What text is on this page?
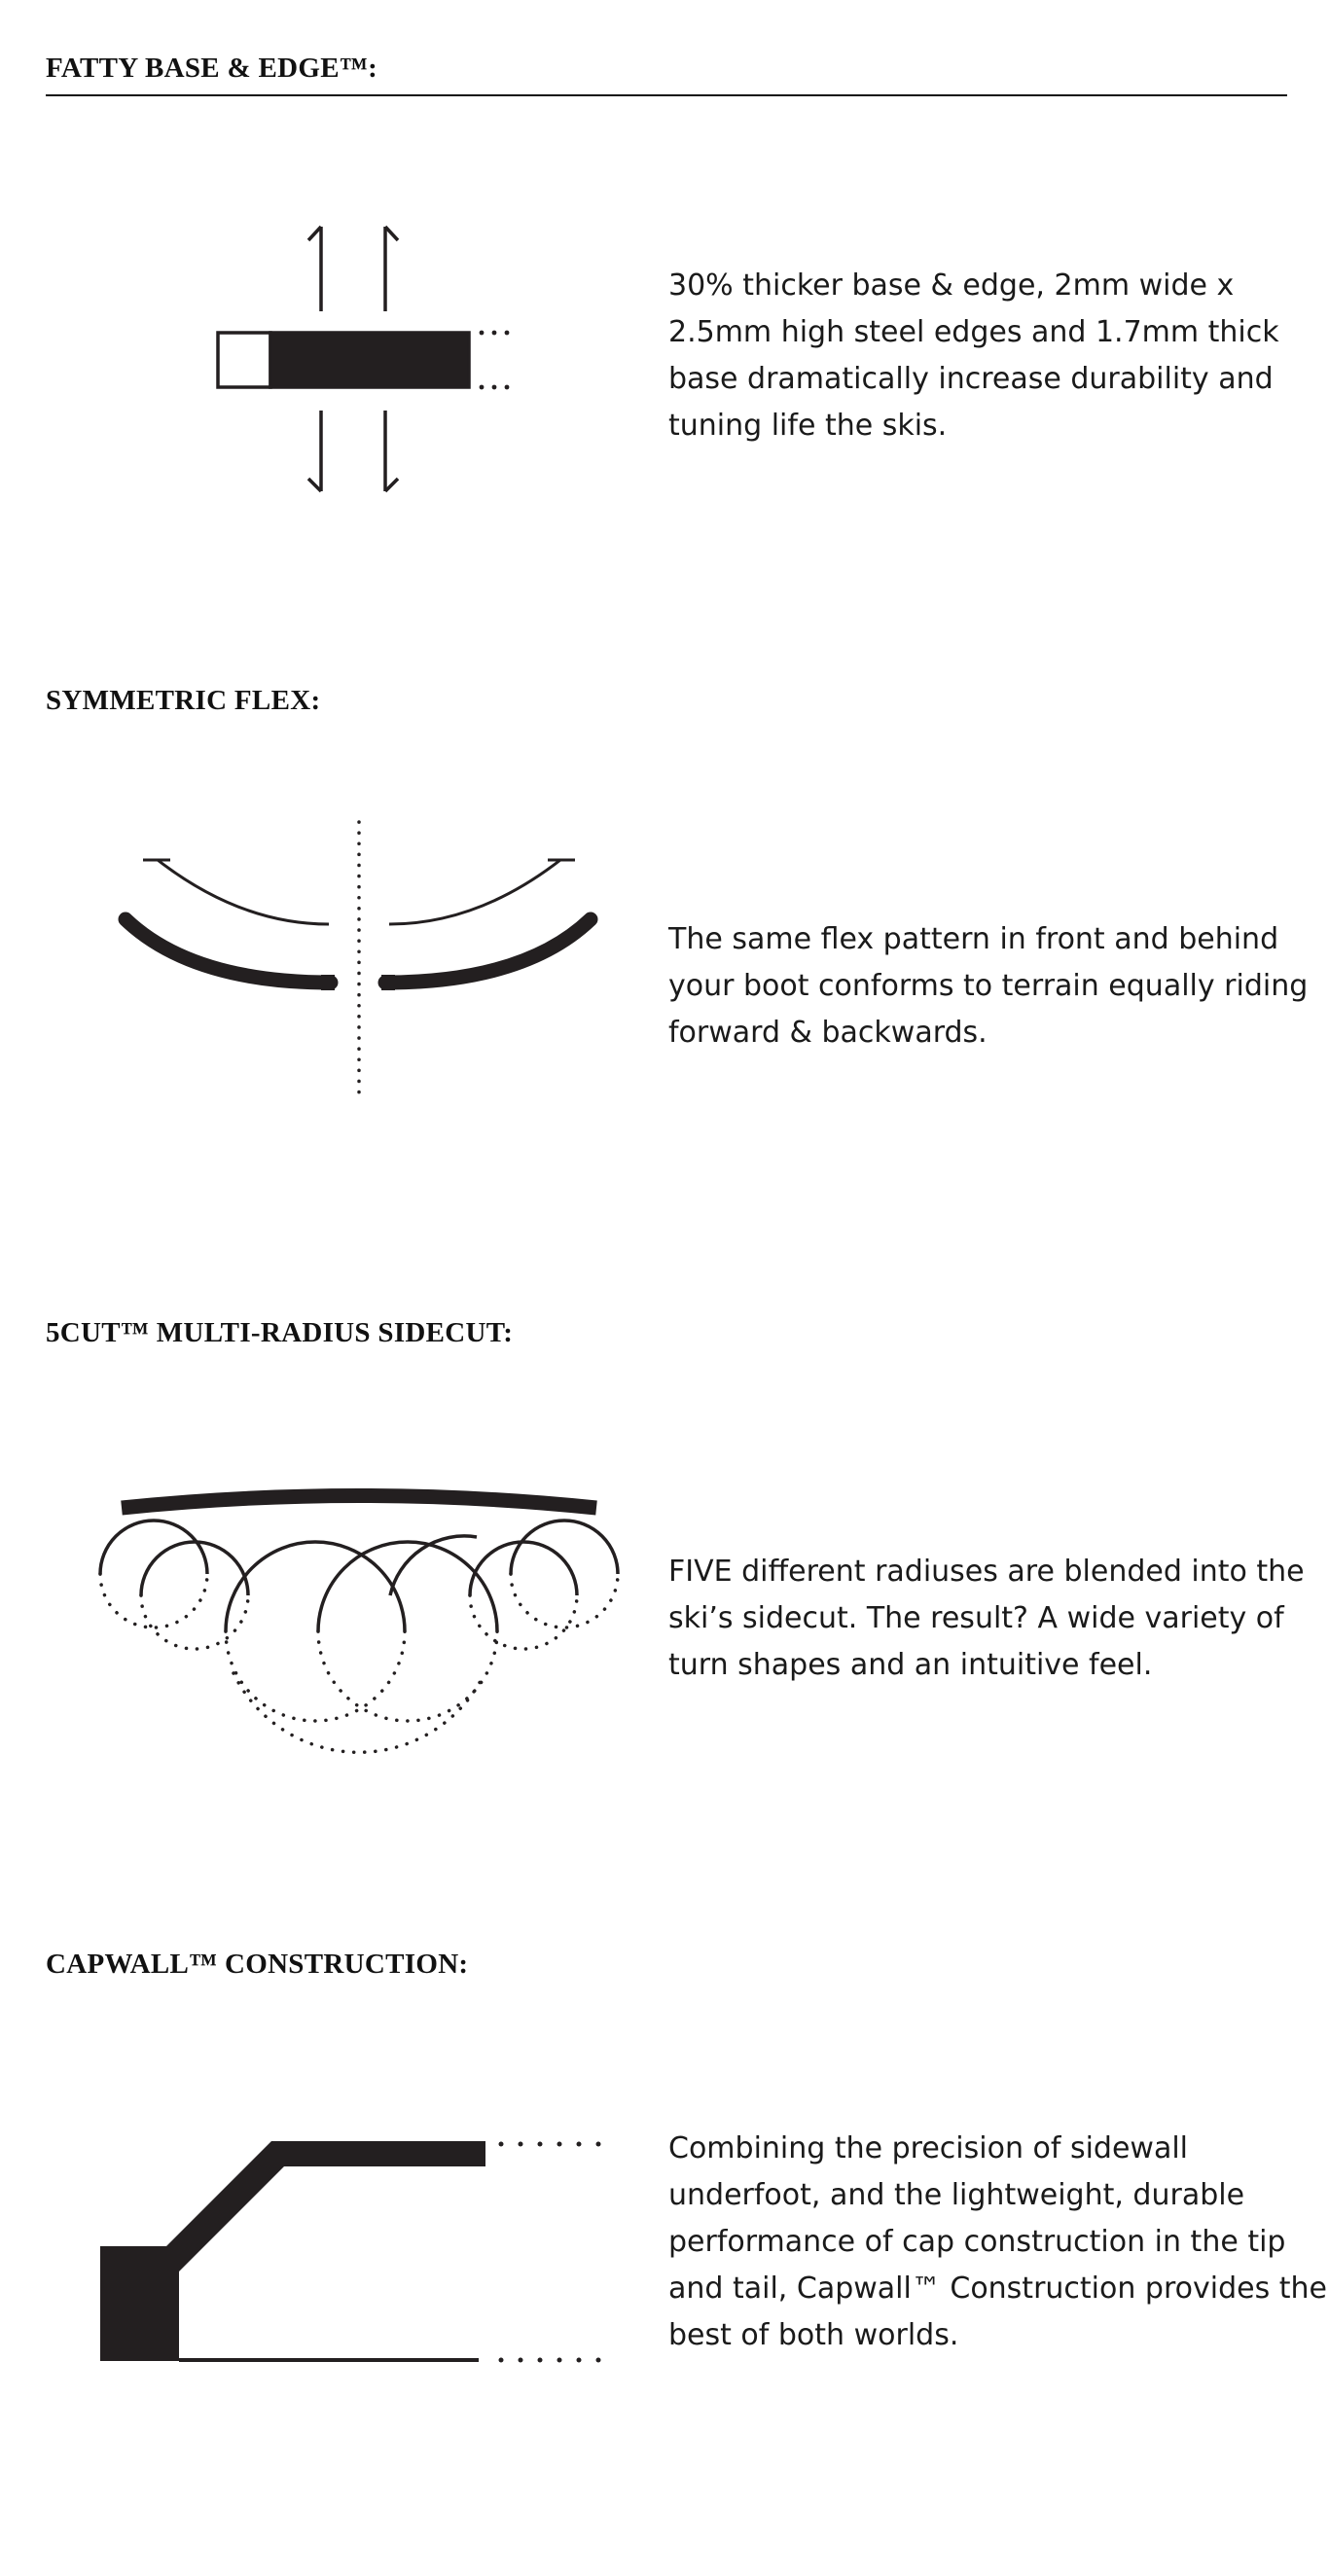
FATTY BASE & EDGE™:

30% thicker base & edge, 2mm wide x 2.5mm high steel edges and 1.7mm thick base dramatically increase durability and tuning life the skis.

SYMMETRIC FLEX:

The same flex pattern in front and behind your boot conforms to terrain equally riding forward & backwards.

5CUT™ MULTI-RADIUS SIDECUT:

FIVE different radiuses are blended into the ski’s sidecut. The result? A wide variety of turn shapes and an intuitive feel.

CAPWALL™ CONSTRUCTION:

Combining the precision of sidewall underfoot, and the lightweight, durable performance of cap construction in the tip and tail, Capwall™ Construction provides the best of both worlds.
